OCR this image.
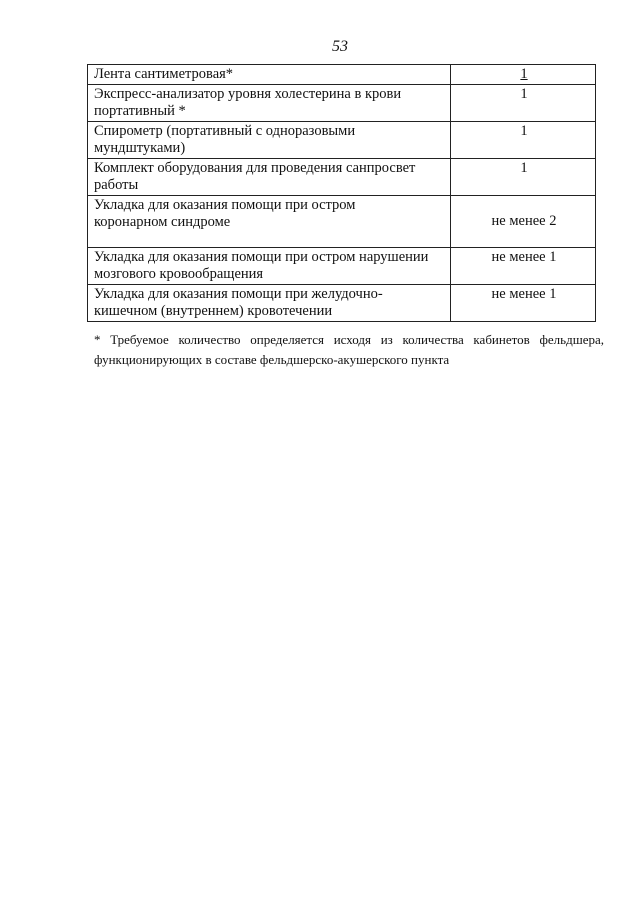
53
Лента сантиметровая*	1

Экспресс-анализатор уровня холестерина в крови
портативный *	1

Спирометр (портативный с одноразовыми
мундштуками)	1

Комплект оборудования для проведения санпросвет
работы	1

Укладка для оказания помощи при остром
коронарном синдроме	не менее 2

Укладка для оказания помощи при остром нарушении
мозгового кровообращения	не менее 1

Укладка для оказания помощи при желудочно-
кишечном (внутреннем) кровотечении	не менее 1
* Требуемое количество определяется исходя из количества кабинетов фельдшера,
функционирующих в составе фельдшерско-акушерского пункта
